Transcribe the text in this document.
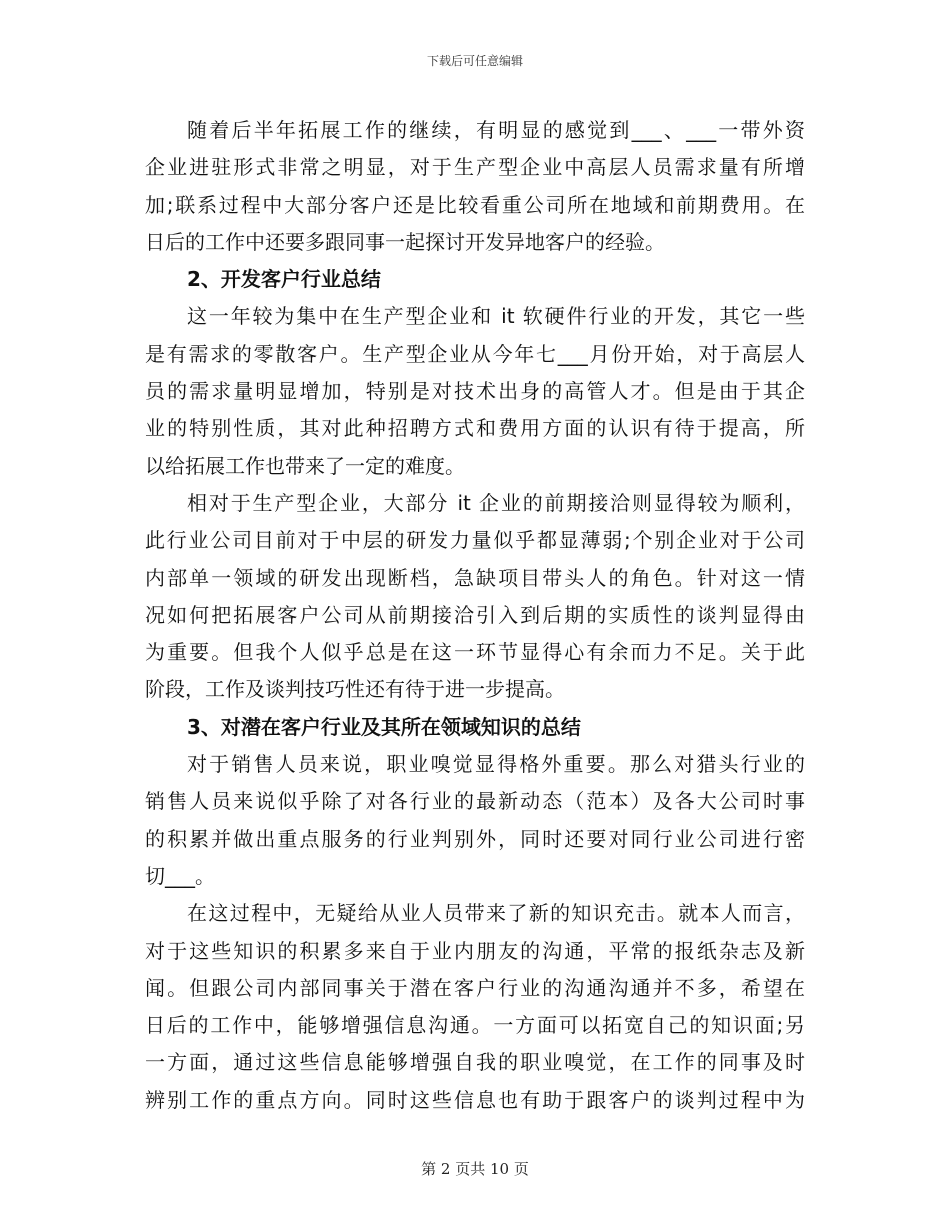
下载后可任意编辑
随着后半年拓展工作的继续，有明显的感觉到___、___一带外资
企业进驻形式非常之明显，对于生产型企业中高层人员需求量有所增
加;联系过程中大部分客户还是比较看重公司所在地域和前期费用。在
日后的工作中还要多跟同事一起探讨开发异地客户的经验。
2、开发客户行业总结
这一年较为集中在生产型企业和 it 软硬件行业的开发，其它一些
是有需求的零散客户。生产型企业从今年七___月份开始，对于高层人
员的需求量明显增加，特别是对技术出身的高管人才。但是由于其企
业的特别性质，其对此种招聘方式和费用方面的认识有待于提高，所
以给拓展工作也带来了一定的难度。
相对于生产型企业，大部分 it 企业的前期接洽则显得较为顺利，
此行业公司目前对于中层的研发力量似乎都显薄弱;个别企业对于公司
内部单一领域的研发出现断档，急缺项目带头人的角色。针对这一情
况如何把拓展客户公司从前期接洽引入到后期的实质性的谈判显得由
为重要。但我个人似乎总是在这一环节显得心有余而力不足。关于此
阶段，工作及谈判技巧性还有待于进一步提高。
3、对潜在客户行业及其所在领域知识的总结
对于销售人员来说，职业嗅觉显得格外重要。那么对猎头行业的
销售人员来说似乎除了对各行业的最新动态（范本）及各大公司时事
的积累并做出重点服务的行业判别外，同时还要对同行业公司进行密
切___。
在这过程中，无疑给从业人员带来了新的知识充击。就本人而言，
对于这些知识的积累多来自于业内朋友的沟通，平常的报纸杂志及新
闻。但跟公司内部同事关于潜在客户行业的沟通沟通并不多，希望在
日后的工作中，能够增强信息沟通。一方面可以拓宽自己的知识面;另
一方面，通过这些信息能够增强自我的职业嗅觉，在工作的同事及时
辨别工作的重点方向。同时这些信息也有助于跟客户的谈判过程中为
第 2 页共 10 页
